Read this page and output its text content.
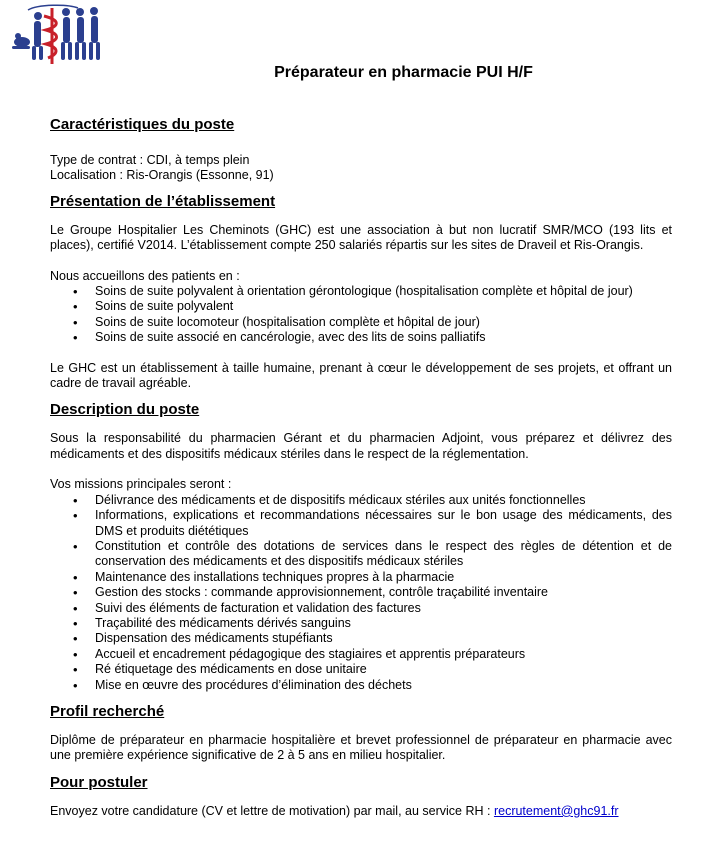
Préparateur en pharmacie PUI H/F
Caractéristiques du poste

Type de contrat : CDI, à temps plein

Localisation : Ris-Orangis (Essonne, 91)

Présentation de l’établissement

Le Groupe Hospitalier Les Cheminots (GHC) est une association à but non lucratif SMR/MCO (193 lits et places), certifié V2014. L’établissement compte 250 salariés répartis sur les sites de Draveil et Ris-Orangis.

Nous accueillons des patients en :

• Soins de suite polyvalent à orientation gérontologique (hospitalisation complète et hôpital de jour)
• Soins de suite polyvalent
• Soins de suite locomoteur (hospitalisation complète et hôpital de jour)
• Soins de suite associé en cancérologie, avec des lits de soins palliatifs

Le GHC est un établissement à taille humaine, prenant à cœur le développement de ses projets, et offrant un cadre de travail agréable.

Description du poste

Sous la responsabilité du pharmacien Gérant et du pharmacien Adjoint, vous préparez et délivrez des médicaments et des dispositifs médicaux stériles dans le respect de la réglementation.

Vos missions principales seront :

• Délivrance des médicaments et de dispositifs médicaux stériles aux unités fonctionnelles
• Informations, explications et recommandations nécessaires sur le bon usage des médicaments, des DMS et produits diététiques
• Constitution et contrôle des dotations de services dans le respect des règles de détention et de conservation des médicaments et des dispositifs médicaux stériles
• Maintenance des installations techniques propres à la pharmacie
• Gestion des stocks : commande approvisionnement, contrôle traçabilité inventaire
• Suivi des éléments de facturation et validation des factures
• Traçabilité des médicaments dérivés sanguins
• Dispensation des médicaments stupéfiants
• Accueil et encadrement pédagogique des stagiaires et apprentis préparateurs
• Ré étiquetage des médicaments en dose unitaire
• Mise en œuvre des procédures d’élimination des déchets
Profil recherché

Diplôme de préparateur en pharmacie hospitalière et brevet professionnel de préparateur en pharmacie avec une première expérience significative de 2 à 5 ans en milieu hospitalier.

Pour postuler

Envoyez votre candidature (CV et lettre de motivation) par mail, au service RH : recrutement@ghc91.fr
